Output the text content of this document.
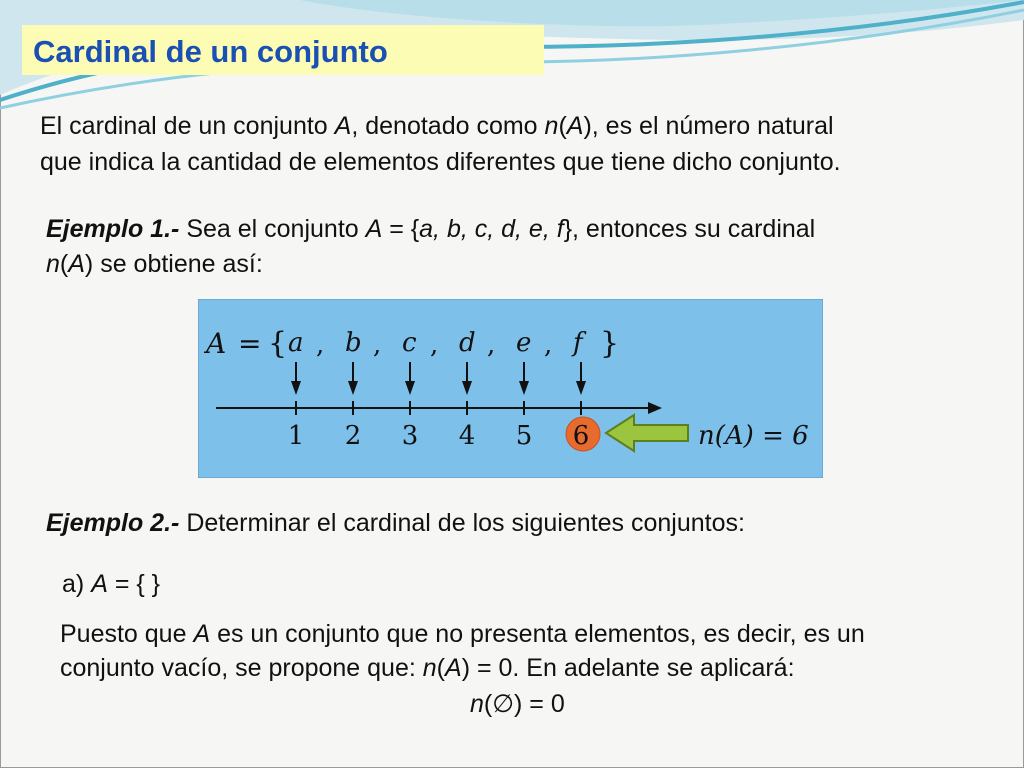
Cardinal de un conjunto
El cardinal de un conjunto A, denotado como n(A), es el número natural
que indica la cantidad de elementos diferentes que tiene dicho conjunto.
Ejemplo 1.- Sea el conjunto A = {a, b, c, d, e, f}, entonces su cardinal
n(A) se obtiene así:
A = {	}
a , b , c , d , e , f
1 2 3 4 5 6	n(A) = 6
Ejemplo 2.- Determinar el cardinal de los siguientes conjuntos:
a) A = { }
Puesto que A es un conjunto que no presenta elementos, es decir, es un
conjunto vacío, se propone que: n(A) = 0. En adelante se aplicará:
n(∅) = 0
